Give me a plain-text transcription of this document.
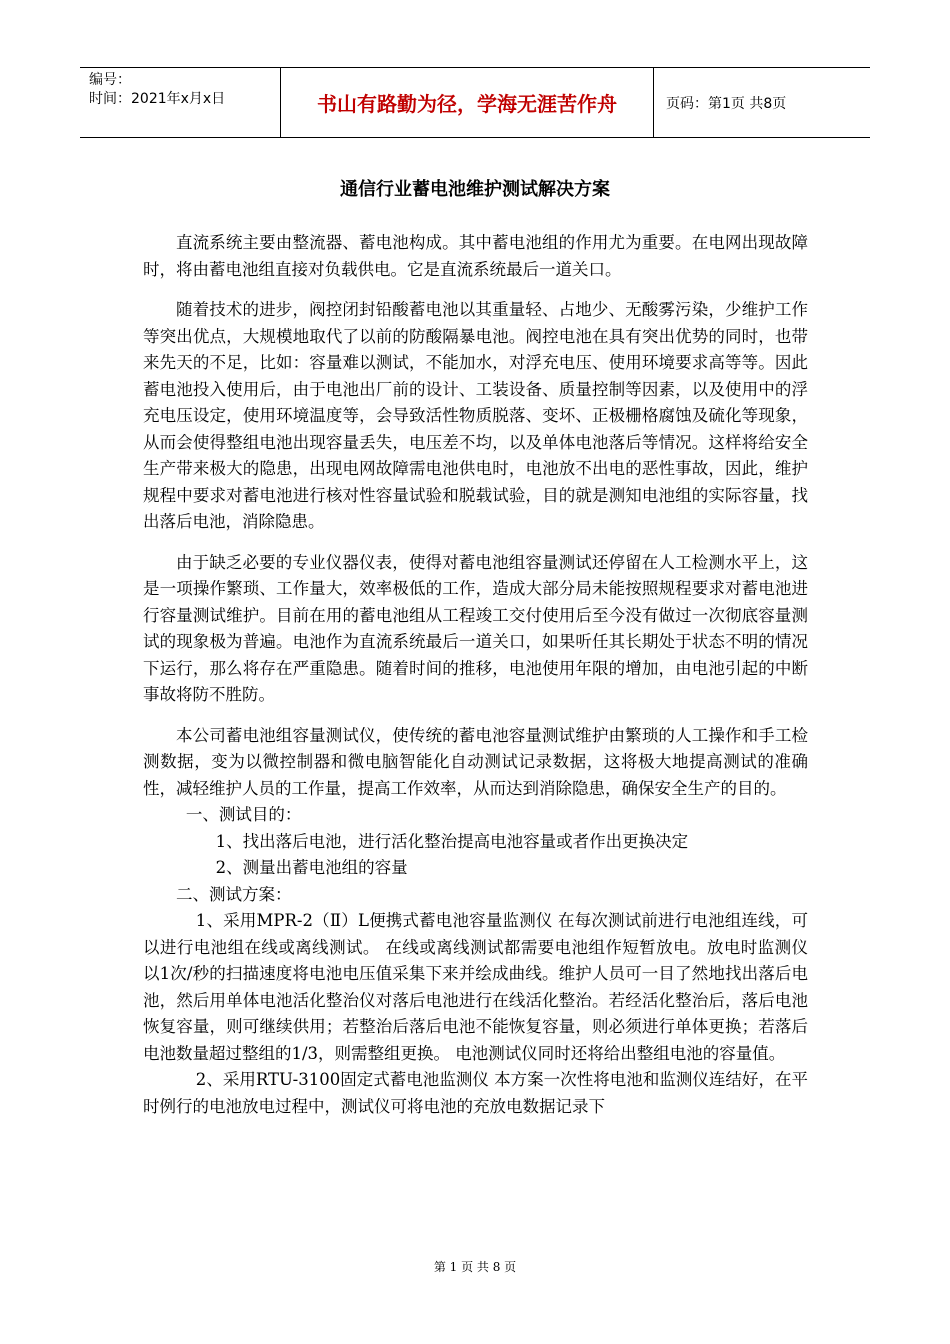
编号：
时间：2021年x月x日	书山有路勤为径，学海无涯苦作舟	页码：第1页 共8页
通信行业蓄电池维护测试解决方案

直流系统主要由整流器、蓄电池构成。其中蓄电池组的作用尤为重要。在电网出现故障时，将由蓄电池组直接对负载供电。它是直流系统最后一道关口。

随着技术的进步，阀控闭封铅酸蓄电池以其重量轻、占地少、无酸雾污染，少维护工作等突出优点，大规模地取代了以前的防酸隔暴电池。阀控电池在具有突出优势的同时，也带来先天的不足，比如：容量难以测试，不能加水，对浮充电压、使用环境要求高等等。因此蓄电池投入使用后，由于电池出厂前的设计、工装设备、质量控制等因素，以及使用中的浮充电压设定，使用环境温度等，会导致活性物质脱落、变坏、正极栅格腐蚀及硫化等现象，从而会使得整组电池出现容量丢失，电压差不均，以及单体电池落后等情况。这样将给安全生产带来极大的隐患，出现电网故障需电池供电时，电池放不出电的恶性事故，因此，维护规程中要求对蓄电池进行核对性容量试验和脱载试验，目的就是测知电池组的实际容量，找出落后电池，消除隐患。

由于缺乏必要的专业仪器仪表，使得对蓄电池组容量测试还停留在人工检测水平上，这是一项操作繁琐、工作量大，效率极低的工作，造成大部分局未能按照规程要求对蓄电池进行容量测试维护。目前在用的蓄电池组从工程竣工交付使用后至今没有做过一次彻底容量测试的现象极为普遍。电池作为直流系统最后一道关口，如果听任其长期处于状态不明的情况下运行，那么将存在严重隐患。随着时间的推移，电池使用年限的增加，由电池引起的中断事故将防不胜防。

本公司蓄电池组容量测试仪，使传统的蓄电池容量测试维护由繁琐的人工操作和手工检测数据，变为以微控制器和微电脑智能化自动测试记录数据，这将极大地提高测试的准确性，减轻维护人员的工作量，提高工作效率，从而达到消除隐患，确保安全生产的目的。

一、测试目的：
1、找出落后电池，进行活化整治提高电池容量或者作出更换决定
2、测量出蓄电池组的容量
二、测试方案：

1、采用MPR-2（Ⅱ）L便携式蓄电池容量监测仪 在每次测试前进行电池组连线，可以进行电池组在线或离线测试。 在线或离线测试都需要电池组作短暂放电。放电时监测仪以1次/秒的扫描速度将电池电压值采集下来并绘成曲线。维护人员可一目了然地找出落后电池，然后用单体电池活化整治仪对落后电池进行在线活化整治。若经活化整治后，落后电池恢复容量，则可继续供用；若整治后落后电池不能恢复容量，则必须进行单体更换；若落后电池数量超过整组的1/3，则需整组更换。 电池测试仪同时还将给出整组电池的容量值。

2、采用RTU-3100固定式蓄电池监测仪 本方案一次性将电池和监测仪连结好，在平时例行的电池放电过程中，测试仪可将电池的充放电数据记录下

第 1 页 共 8 页
